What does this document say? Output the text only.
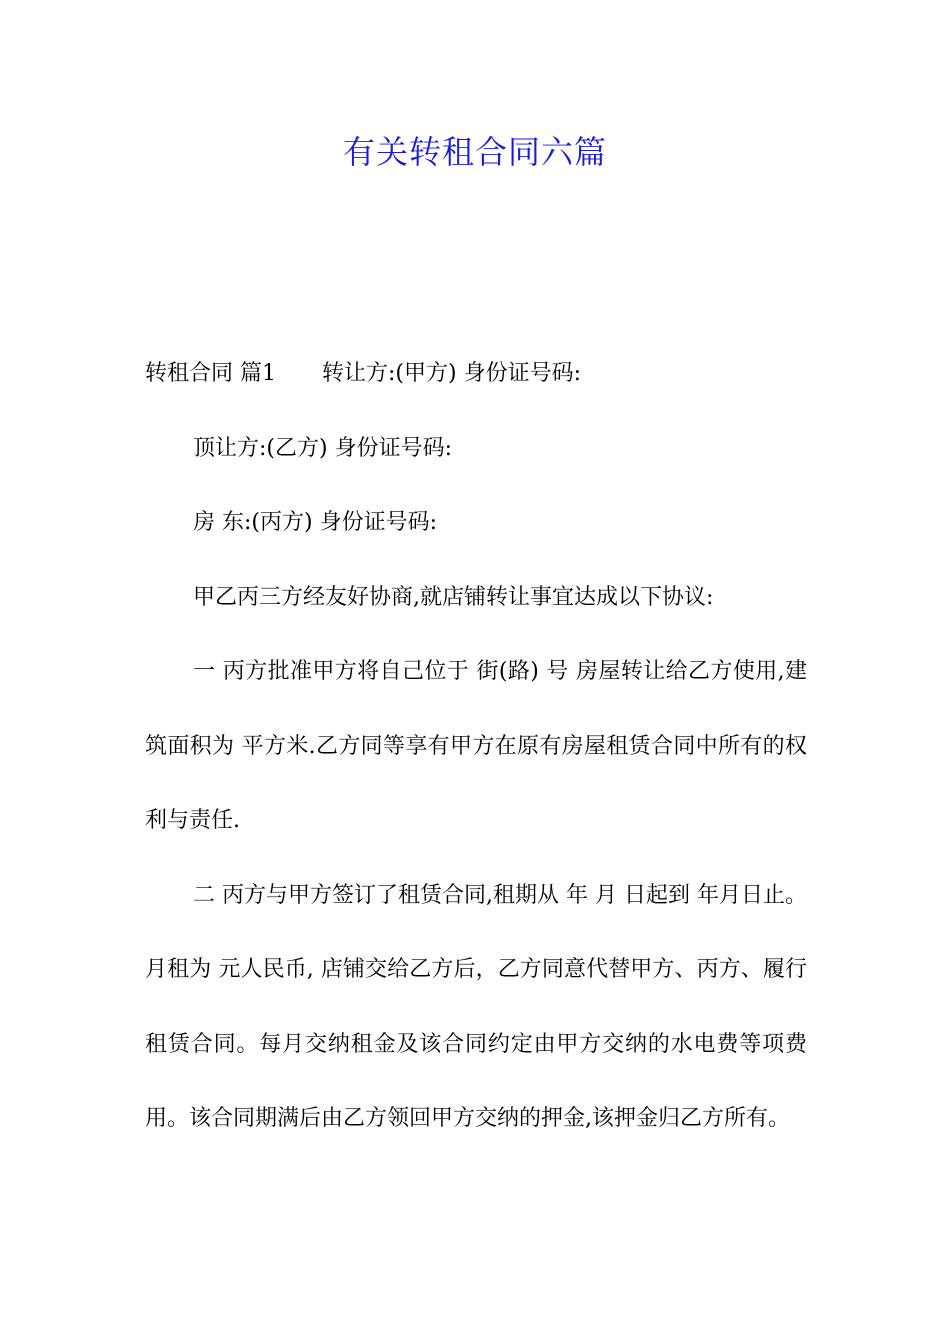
有关转租合同六篇

转租合同 篇1 转让方:(甲方) 身份证号码:

顶让方:(乙方) 身份证号码:

房 东:(丙方) 身份证号码:

甲乙丙三方经友好协商,就店铺转让事宜达成以下协议:

一 丙方批准甲方将自己位于 街(路) 号 房屋转让给乙方使用,建筑面积为 平方米.乙方同等享有甲方在原有房屋租赁合同中所有的权利与责任.

二 丙方与甲方签订了租赁合同,租期从 年 月 日起到 年月日止。月租为 元人民币, 店铺交给乙方后，乙方同意代替甲方、丙方、履行租赁合同。每月交纳租金及该合同约定由甲方交纳的水电费等项费用。该合同期满后由乙方领回甲方交纳的押金,该押金归乙方所有。
